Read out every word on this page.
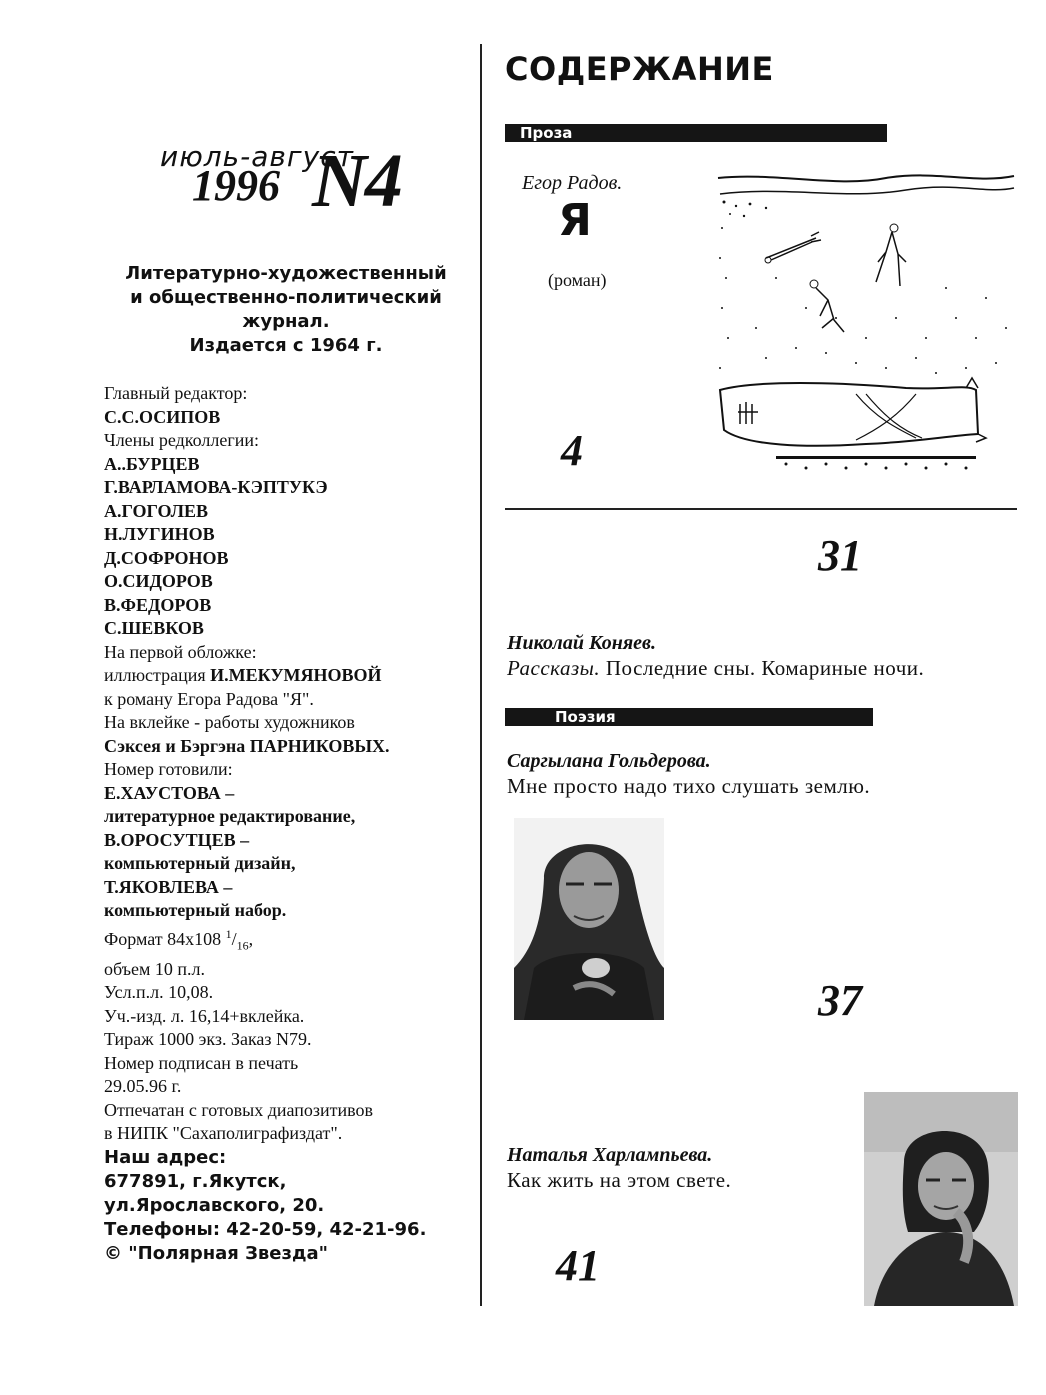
июль-август
1996 N4
Литературно-художественный
и общественно-политический
журнал.
Издается с 1964 г.
Главный редактор:
С.С.ОСИПОВ
Члены редколлегии:
А..БУРЦЕВ
Г.ВАРЛАМОВА-КЭПТУКЭ
А.ГОГОЛЕВ
Н.ЛУГИНОВ
Д.СОФРОНОВ
О.СИДОРОВ
В.ФЕДОРОВ
С.ШЕВКОВ
На первой обложке:
иллюстрация И.МЕКУМЯНОВОЙ
к роману Егора Радова "Я".
На вклейке - работы художников
Сэксея и Бэргэна ПАРНИКОВЫХ.
Номер готовили:
Е.ХАУСТОВА –
литературное редактирование,
В.ОРОСУТЦЕВ –
компьютерный дизайн,
Т.ЯКОВЛЕВА –
компьютерный набор.
Формат 84x108 $^1/_{16}$,
объем 10 п.л.
Усл.п.л. 10,08.
Уч.-изд. л. 16,14+вклейка.
Тираж 1000 экз. Заказ N79.
Номер подписан в печать
29.05.96 г.
Отпечатан с готовых диапозитивов
в НИПК "Сахаполиграфиздат".
Наш адрес:
677891, г.Якутск,
ул.Ярославского, 20.
Телефоны: 42-20-59, 42-21-96.
© "Полярная Звезда"
СОДЕРЖАНИЕ
Проза
Егор Радов.
Я
(роман)
4
31
Николай Коняев.
Рассказы. Последние сны. Комариные ночи.
Поэзия
Саргылана Гольдерова.
Мне просто надо тихо слушать землю.
37
Наталья Харлампьева.
Как жить на этом свете.
41
